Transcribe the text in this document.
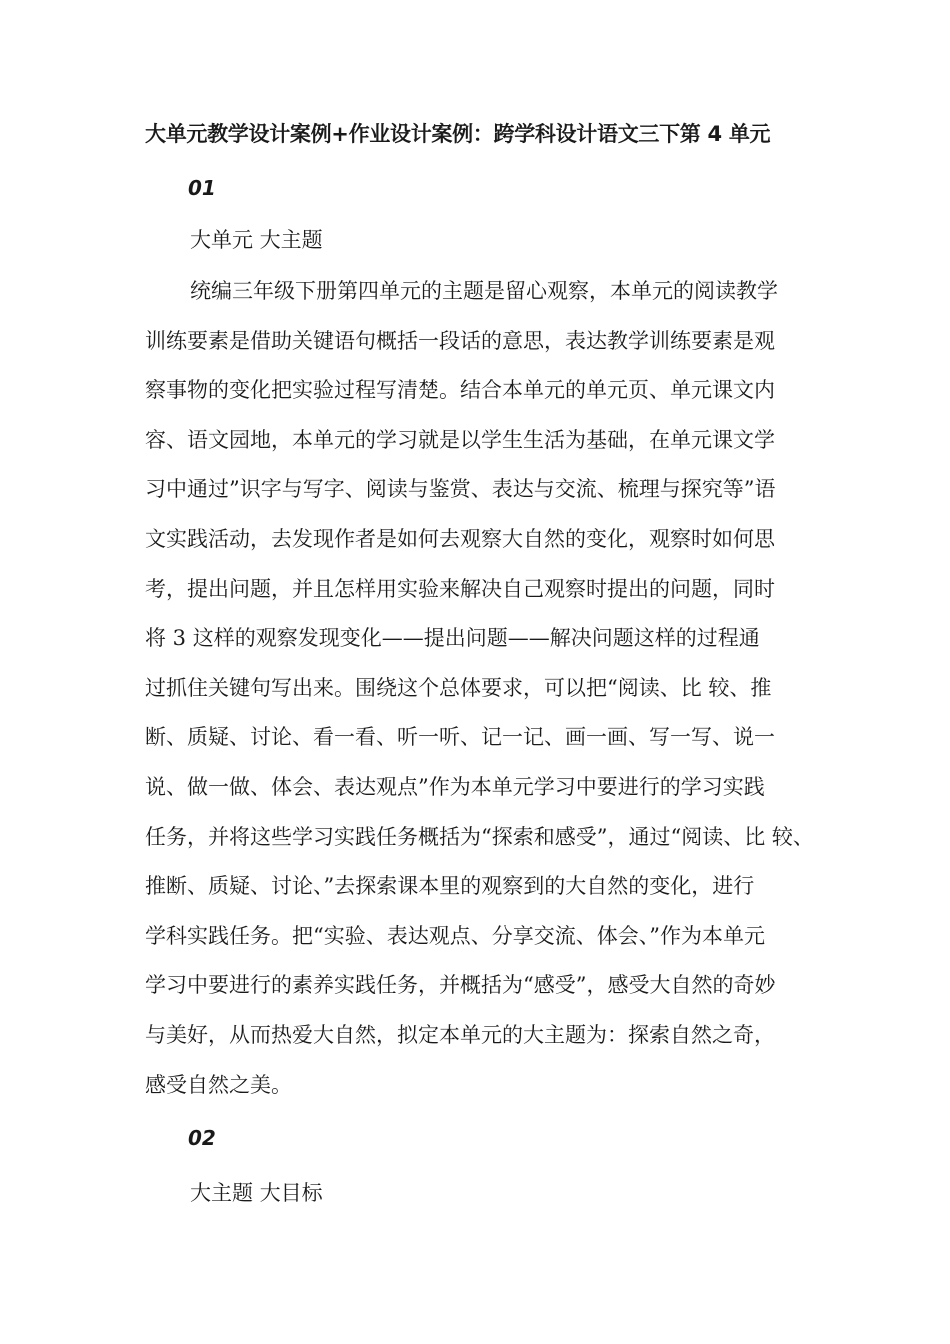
大单元教学设计案例+作业设计案例：跨学科设计语文三下第 4 单元
01
大单元 大主题
统编三年级下册第四单元的主题是留心观察，本单元的阅读教学
训练要素是借助关键语句概括一段话的意思，表达教学训练要素是观
察事物的变化把实验过程写清楚。结合本单元的单元页、单元课文内
容、语文园地，本单元的学习就是以学生生活为基础，在单元课文学
习中通过”识字与写字、阅读与鉴赏、表达与交流、梳理与探究等”语
文实践活动，去发现作者是如何去观察大自然的变化，观察时如何思
考，提出问题，并且怎样用实验来解决自己观察时提出的问题，同时
将 3 这样的观察发现变化——提出问题——解决问题这样的过程通
过抓住关键句写出来。围绕这个总体要求，可以把“阅读、比 较、推
断、质疑、讨论、看一看、听一听、记一记、画一画、写一写、说一
说、做一做、体会、表达观点”作为本单元学习中要进行的学习实践
任务，并将这些学习实践任务概括为“探索和感受”，通过“阅读、比 较、
推断、质疑、讨论、”去探索课本里的观察到的大自然的变化，进行
学科实践任务。把“实验、表达观点、分享交流、体会、”作为本单元
学习中要进行的素养实践任务，并概括为“感受”，感受大自然的奇妙
与美好，从而热爱大自然，拟定本单元的大主题为：探索自然之奇，
感受自然之美。
02
大主题 大目标
